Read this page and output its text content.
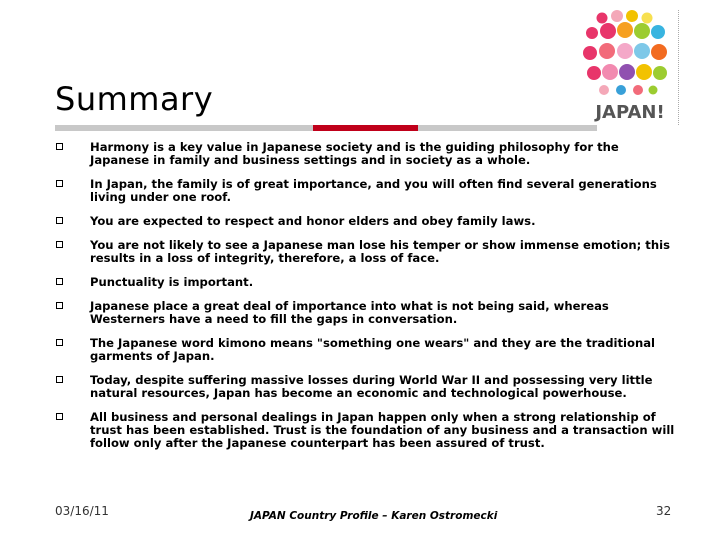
Summary	JAPAN!
Harmony is a key value in Japanese society and is the guiding philosophy for the Japanese in family and business settings and in society as a whole.
In Japan, the family is of great importance, and you will often find several generations living under one roof.
You are expected to respect and honor elders and obey family laws.
You are not likely to see a Japanese man lose his temper or show immense emotion; this results in a loss of integrity, therefore, a loss of face.
Punctuality is important.
Japanese place a great deal of importance into what is not being said, whereas Westerners have a need to fill the gaps in conversation.
The Japanese word kimono means "something one wears" and they are the traditional garments of Japan.
Today, despite suffering massive losses during World War II and possessing very little natural resources, Japan has become an economic and technological powerhouse.
All business and personal dealings in Japan happen only when a strong relationship of trust has been established. Trust is the foundation of any business and a transaction will follow only after the Japanese counterpart has been assured of trust.
03/16/11	JAPAN Country Profile – Karen Ostromecki	32
